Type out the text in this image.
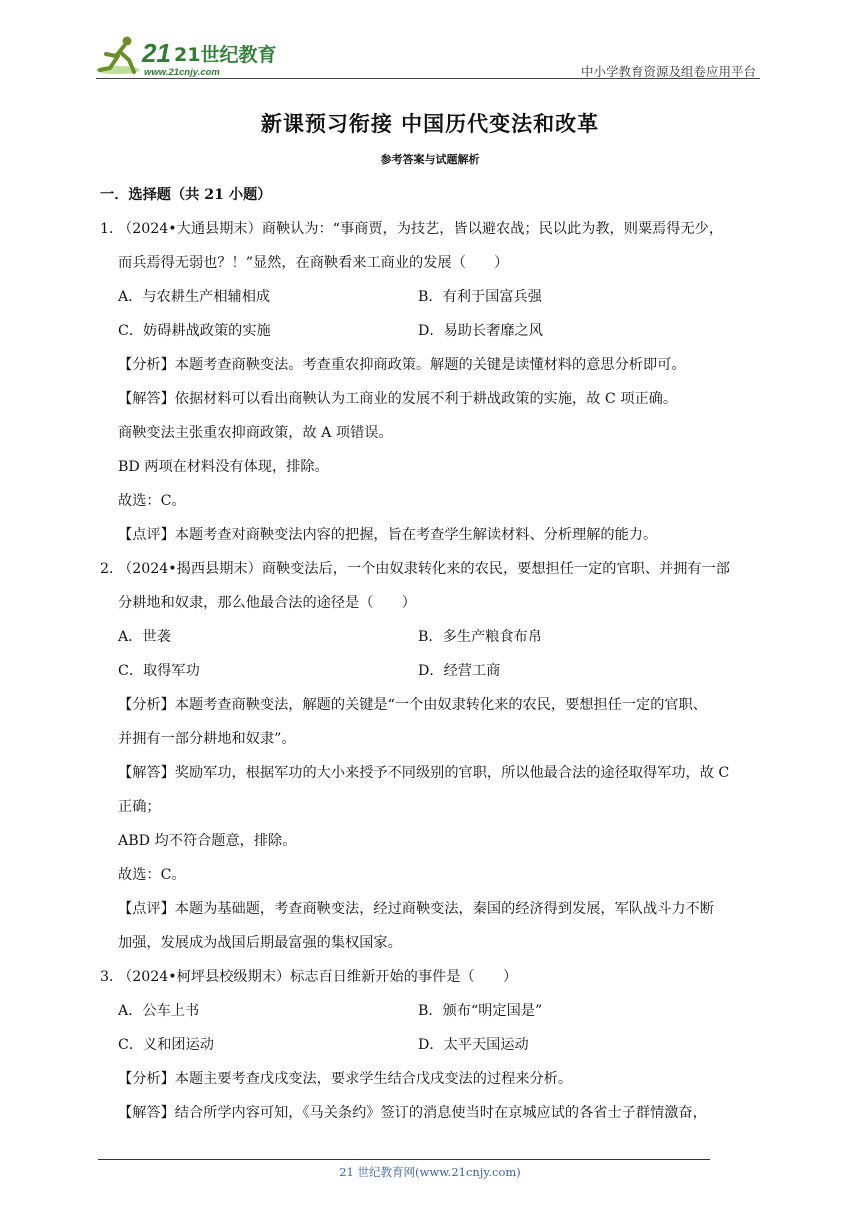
21 21世纪教育
www.21cnjy.com	中小学教育资源及组卷应用平台
新课预习衔接 中国历代变法和改革
参考答案与试题解析

一．选择题（共 21 小题）

1．（2024•大通县期末）商鞅认为：“事商贾，为技艺，皆以避农战；民以此为教，则粟焉得无少，

而兵焉得无弱也？！”显然，在商鞅看来工商业的发展（　　）

A．与农耕生产相辅相成	B．有利于国富兵强
C．妨碍耕战政策的实施	D．易助长奢靡之风

【分析】本题考查商鞅变法。考查重农抑商政策。解题的关键是读懂材料的意思分析即可。

【解答】依据材料可以看出商鞅认为工商业的发展不利于耕战政策的实施，故 C 项正确。

商鞅变法主张重农抑商政策，故 A 项错误。

BD 两项在材料没有体现，排除。

故选：C。

【点评】本题考查对商鞅变法内容的把握，旨在考查学生解读材料、分析理解的能力。

2．（2024•揭西县期末）商鞅变法后，一个由奴隶转化来的农民，要想担任一定的官职、并拥有一部

分耕地和奴隶，那么他最合法的途径是（　　）

A．世袭	B．多生产粮食布帛
C．取得军功	D．经营工商

【分析】本题考查商鞅变法，解题的关键是“一个由奴隶转化来的农民，要想担任一定的官职、

并拥有一部分耕地和奴隶”。

【解答】奖励军功，根据军功的大小来授予不同级别的官职，所以他最合法的途径取得军功，故 C

正确；

ABD 均不符合题意，排除。

故选：C。

【点评】本题为基础题，考查商鞅变法，经过商鞅变法，秦国的经济得到发展，军队战斗力不断

加强，发展成为战国后期最富强的集权国家。

3．（2024•柯坪县校级期末）标志百日维新开始的事件是（　　）

A．公车上书	B．颁布“明定国是”
C．义和团运动	D．太平天国运动

【分析】本题主要考查戊戌变法，要求学生结合戊戌变法的过程来分析。

【解答】结合所学内容可知，《马关条约》签订的消息使当时在京城应试的各省士子群情激奋，

21 世纪教育网(www.21cnjy.com)
